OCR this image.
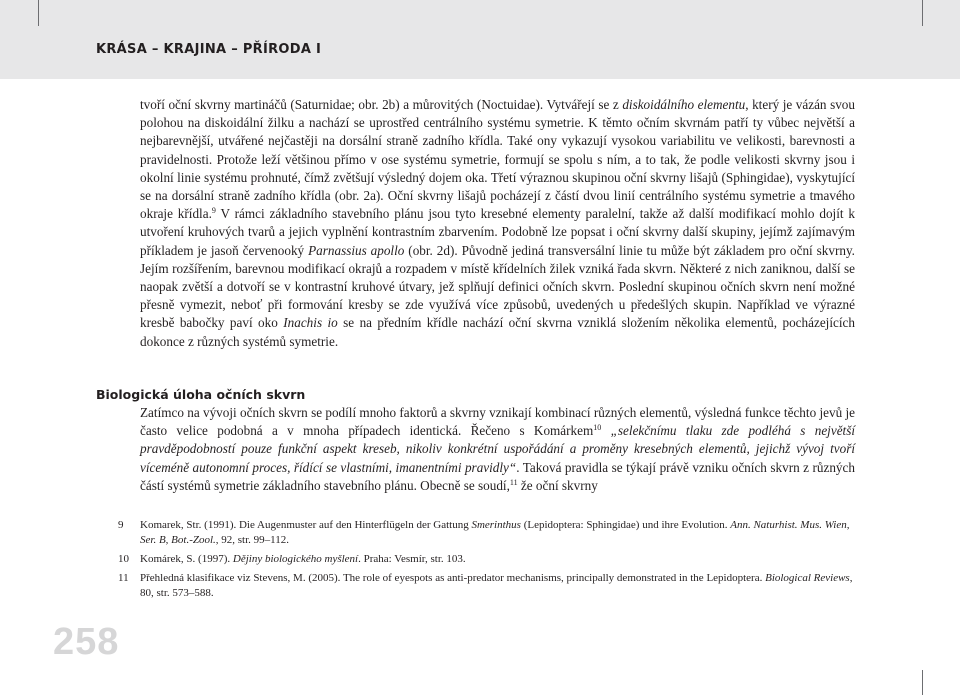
KRÁSA – KRAJINA – PŘÍRODA I

tvoří oční skvrny martináčů (Saturnidae; obr. 2b) a můrovitých (Noctuidae). Vytvářejí se z diskoidálního elementu, který je vázán svou polohou na diskoidální žilku a nachází se uprostřed centrálního systému symetrie. K těmto očním skvrnám patří ty vůbec největší a nejbarevnější, utvářené nejčastěji na dorsální straně zadního křídla. Také ony vykazují vysokou variabilitu ve velikosti, barevnosti a pravidelnosti. Protože leží většinou přímo v ose systému symetrie, formují se spolu s ním, a to tak, že podle velikosti skvrny jsou i okolní linie systému prohnuté, čímž zvětšují výsledný dojem oka. Třetí výraznou skupinou oční skvrny lišajů (Sphingidae), vyskytující se na dorsální straně zadního křídla (obr. 2a). Oční skvrny lišajů pocházejí z částí dvou linií centrálního systému symetrie a tmavého okraje křídla.$^9$ V rámci základního stavebního plánu jsou tyto kresebné elementy paralelní, takže až další modifikací mohlo dojít k utvoření kruhových tvarů a jejich vyplnění kontrastním zbarvením. Podobně lze popsat i oční skvrny další skupiny, jejímž zajímavým příkladem je jasoň červenooký Parnassius apollo (obr. 2d). Původně jediná transversální linie tu může být základem pro oční skvrny. Jejím rozšířením, barevnou modifikací okrajů a rozpadem v místě křídelních žilek vzniká řada skvrn. Některé z nich zaniknou, další se naopak zvětší a dotvoří se v kontrastní kruhové útvary, jež splňují definici očních skvrn. Poslední skupinou očních skvrn není možné přesně vymezit, neboť při formování kresby se zde využívá více způsobů, uvedených u předešlých skupin. Například ve výrazné kresbě babočky paví oko Inachis io se na předním křídle nachází oční skvrna vzniklá složením několika elementů, pocházejících dokonce z různých systémů symetrie.

Biologická úloha očních skvrn

Zatímco na vývoji očních skvrn se podílí mnoho faktorů a skvrny vznikají kombinací různých elementů, výsledná funkce těchto jevů je často velice podobná a v mnoha případech identická. Řečeno s Komárkem$^{10}$ „selekčnímu tlaku zde podléhá s největší pravděpodobností pouze funkční aspekt kreseb, nikoliv konkrétní uspořádání a proměny kresebných elementů, jejichž vývoj tvoří víceméně autonomní proces, řídící se vlastními, imanentními pravidly“. Taková pravidla se týkají právě vzniku očních skvrn z různých částí systémů symetrie základního stavebního plánu. Obecně se soudí,$^{11}$ že oční skvrny

9 Komarek, Str. (1991). Die Augenmuster auf den Hinterflügeln der Gattung Smerinthus (Lepidoptera: Sphingidae) und ihre Evolution. Ann. Naturhist. Mus. Wien, Ser. B, Bot.-Zool., 92, str. 99–112.
10 Komárek, S. (1997). Dějiny biologického myšlení. Praha: Vesmír, str. 103.
11 Přehledná klasifikace viz Stevens, M. (2005). The role of eyespots as anti-predator mechanisms, principally demonstrated in the Lepidoptera. Biological Reviews, 80, str. 573–588.
258
